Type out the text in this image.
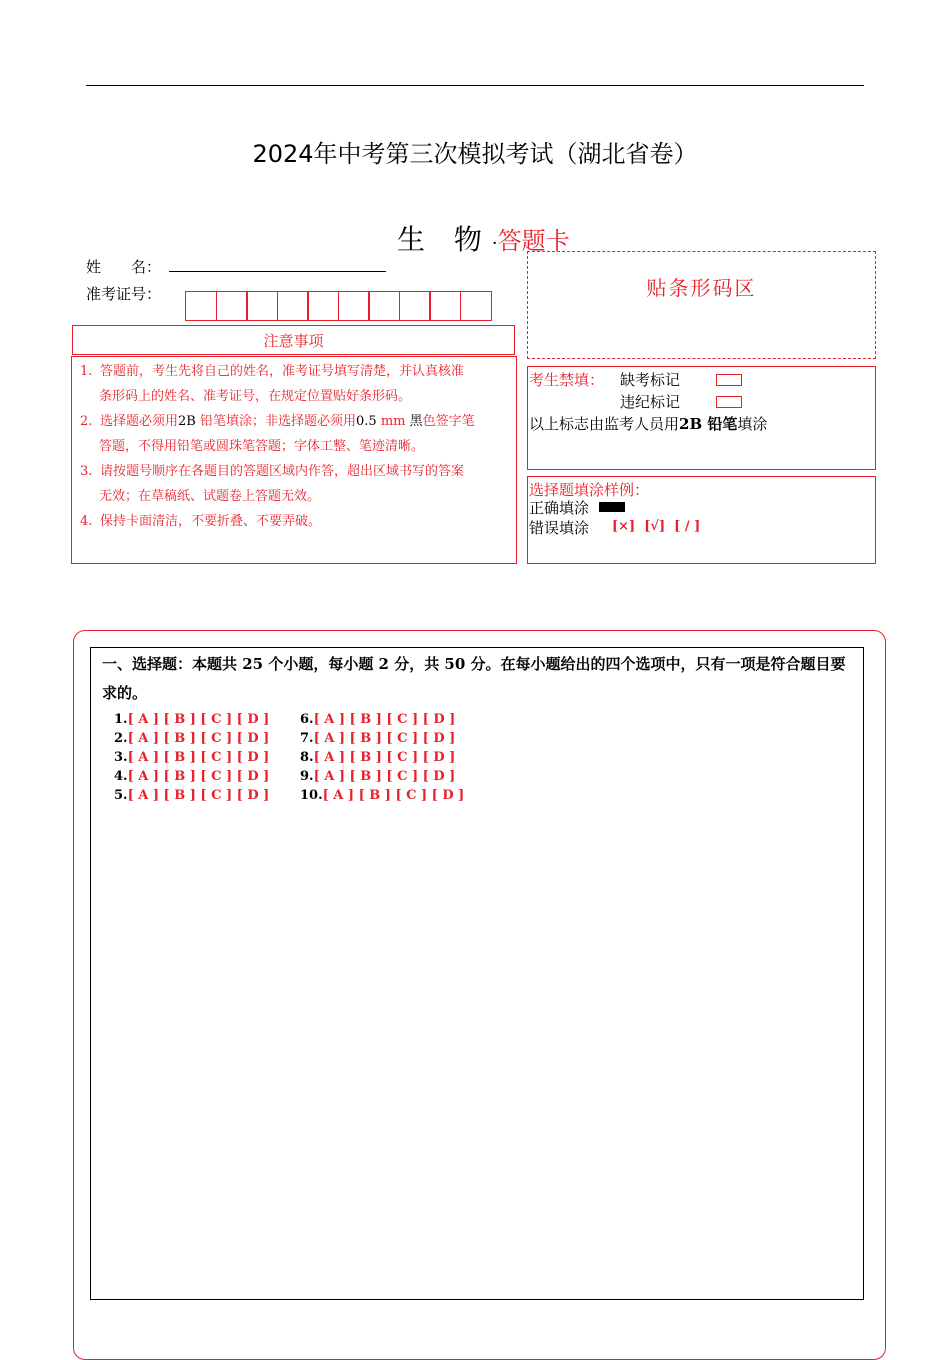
2024年中考第三次模拟考试（湖北省卷）
生 物·答题卡
姓　　名：
准考证号：
注意事项
1. 答题前，考生先将自己的姓名，准考证号填写清楚，并认真核准
条形码上的姓名、准考证号，在规定位置贴好条形码。
2. 选择题必须用2B 铅笔填涂；非选择题必须用0.5 mm 黑色签字笔
答题，不得用铅笔或圆珠笔答题；字体工整、笔迹清晰。
3. 请按题号顺序在各题目的答题区域内作答，超出区域书写的答案
无效；在草稿纸、试题卷上答题无效。
4. 保持卡面清洁，不要折叠、不要弄破。
贴条形码区
考生禁填： 缺考标记
违纪标记
以上标志由监考人员用2B 铅笔填涂
选择题填涂样例：
正确填涂
错误填涂 [×]  [√]  [ / ]
一、选择题：本题共 25 个小题，每小题 2 分，共 50 分。在每小题给出的四个选项中，只有一项是符合题目要求的。
1.[ A ] [ B ] [ C ] [ D ]
2.[ A ] [ B ] [ C ] [ D ]
3.[ A ] [ B ] [ C ] [ D ]
4.[ A ] [ B ] [ C ] [ D ]
5.[ A ] [ B ] [ C ] [ D ]
6.[ A ] [ B ] [ C ] [ D ]
7.[ A ] [ B ] [ C ] [ D ]
8.[ A ] [ B ] [ C ] [ D ]
9.[ A ] [ B ] [ C ] [ D ]
10.[ A ] [ B ] [ C ] [ D ]
